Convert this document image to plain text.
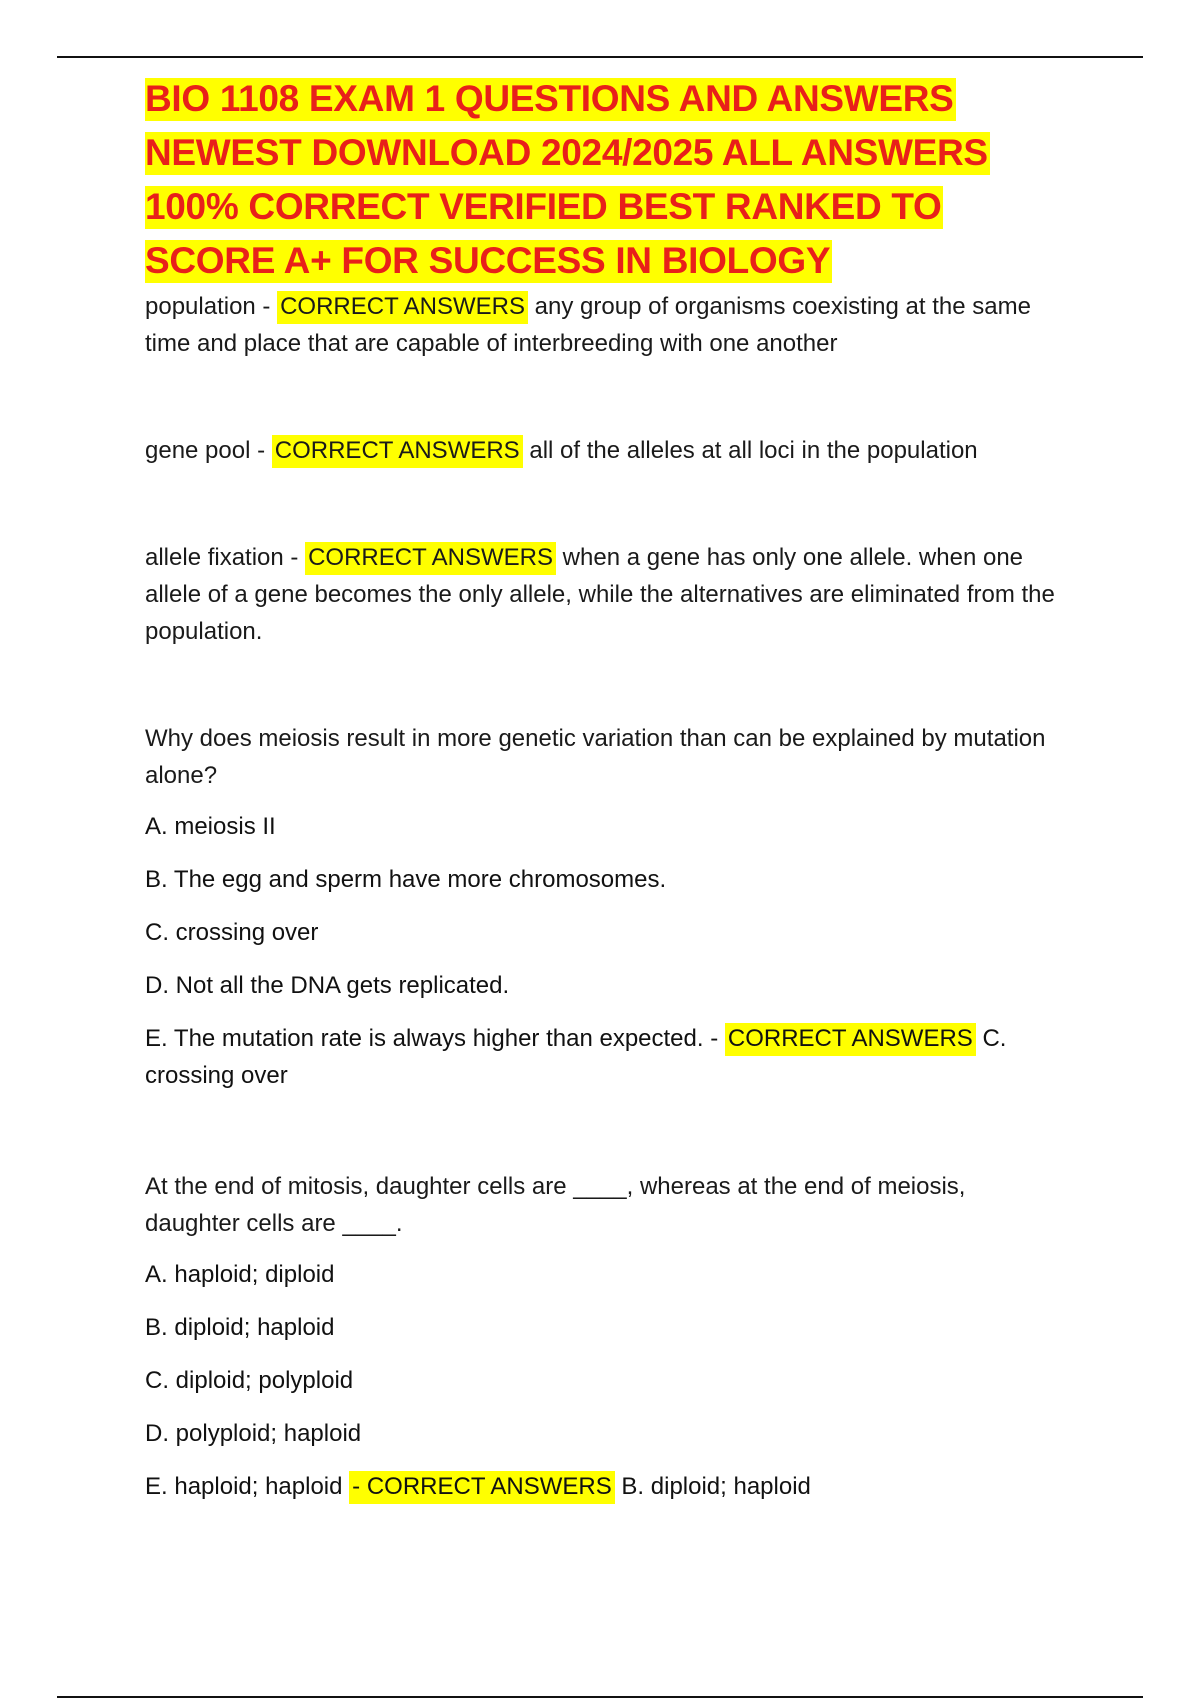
BIO 1108 EXAM 1 QUESTIONS AND ANSWERS
NEWEST DOWNLOAD 2024/2025 ALL ANSWERS
100% CORRECT VERIFIED BEST RANKED TO
SCORE A+ FOR SUCCESS IN BIOLOGY

population - CORRECT ANSWERS any group of organisms coexisting at the same time and place that are capable of interbreeding with one another

gene pool - CORRECT ANSWERS all of the alleles at all loci in the population

allele fixation - CORRECT ANSWERS when a gene has only one allele. when one allele of a gene becomes the only allele, while the alternatives are eliminated from the population.

Why does meiosis result in more genetic variation than can be explained by mutation alone?

A. meiosis II

B. The egg and sperm have more chromosomes.

C. crossing over

D. Not all the DNA gets replicated.

E. The mutation rate is always higher than expected. - CORRECT ANSWERS C. crossing over

At the end of mitosis, daughter cells are ____, whereas at the end of meiosis, daughter cells are ____.

A. haploid; diploid

B. diploid; haploid

C. diploid; polyploid

D. polyploid; haploid

E. haploid; haploid - CORRECT ANSWERS B. diploid; haploid
